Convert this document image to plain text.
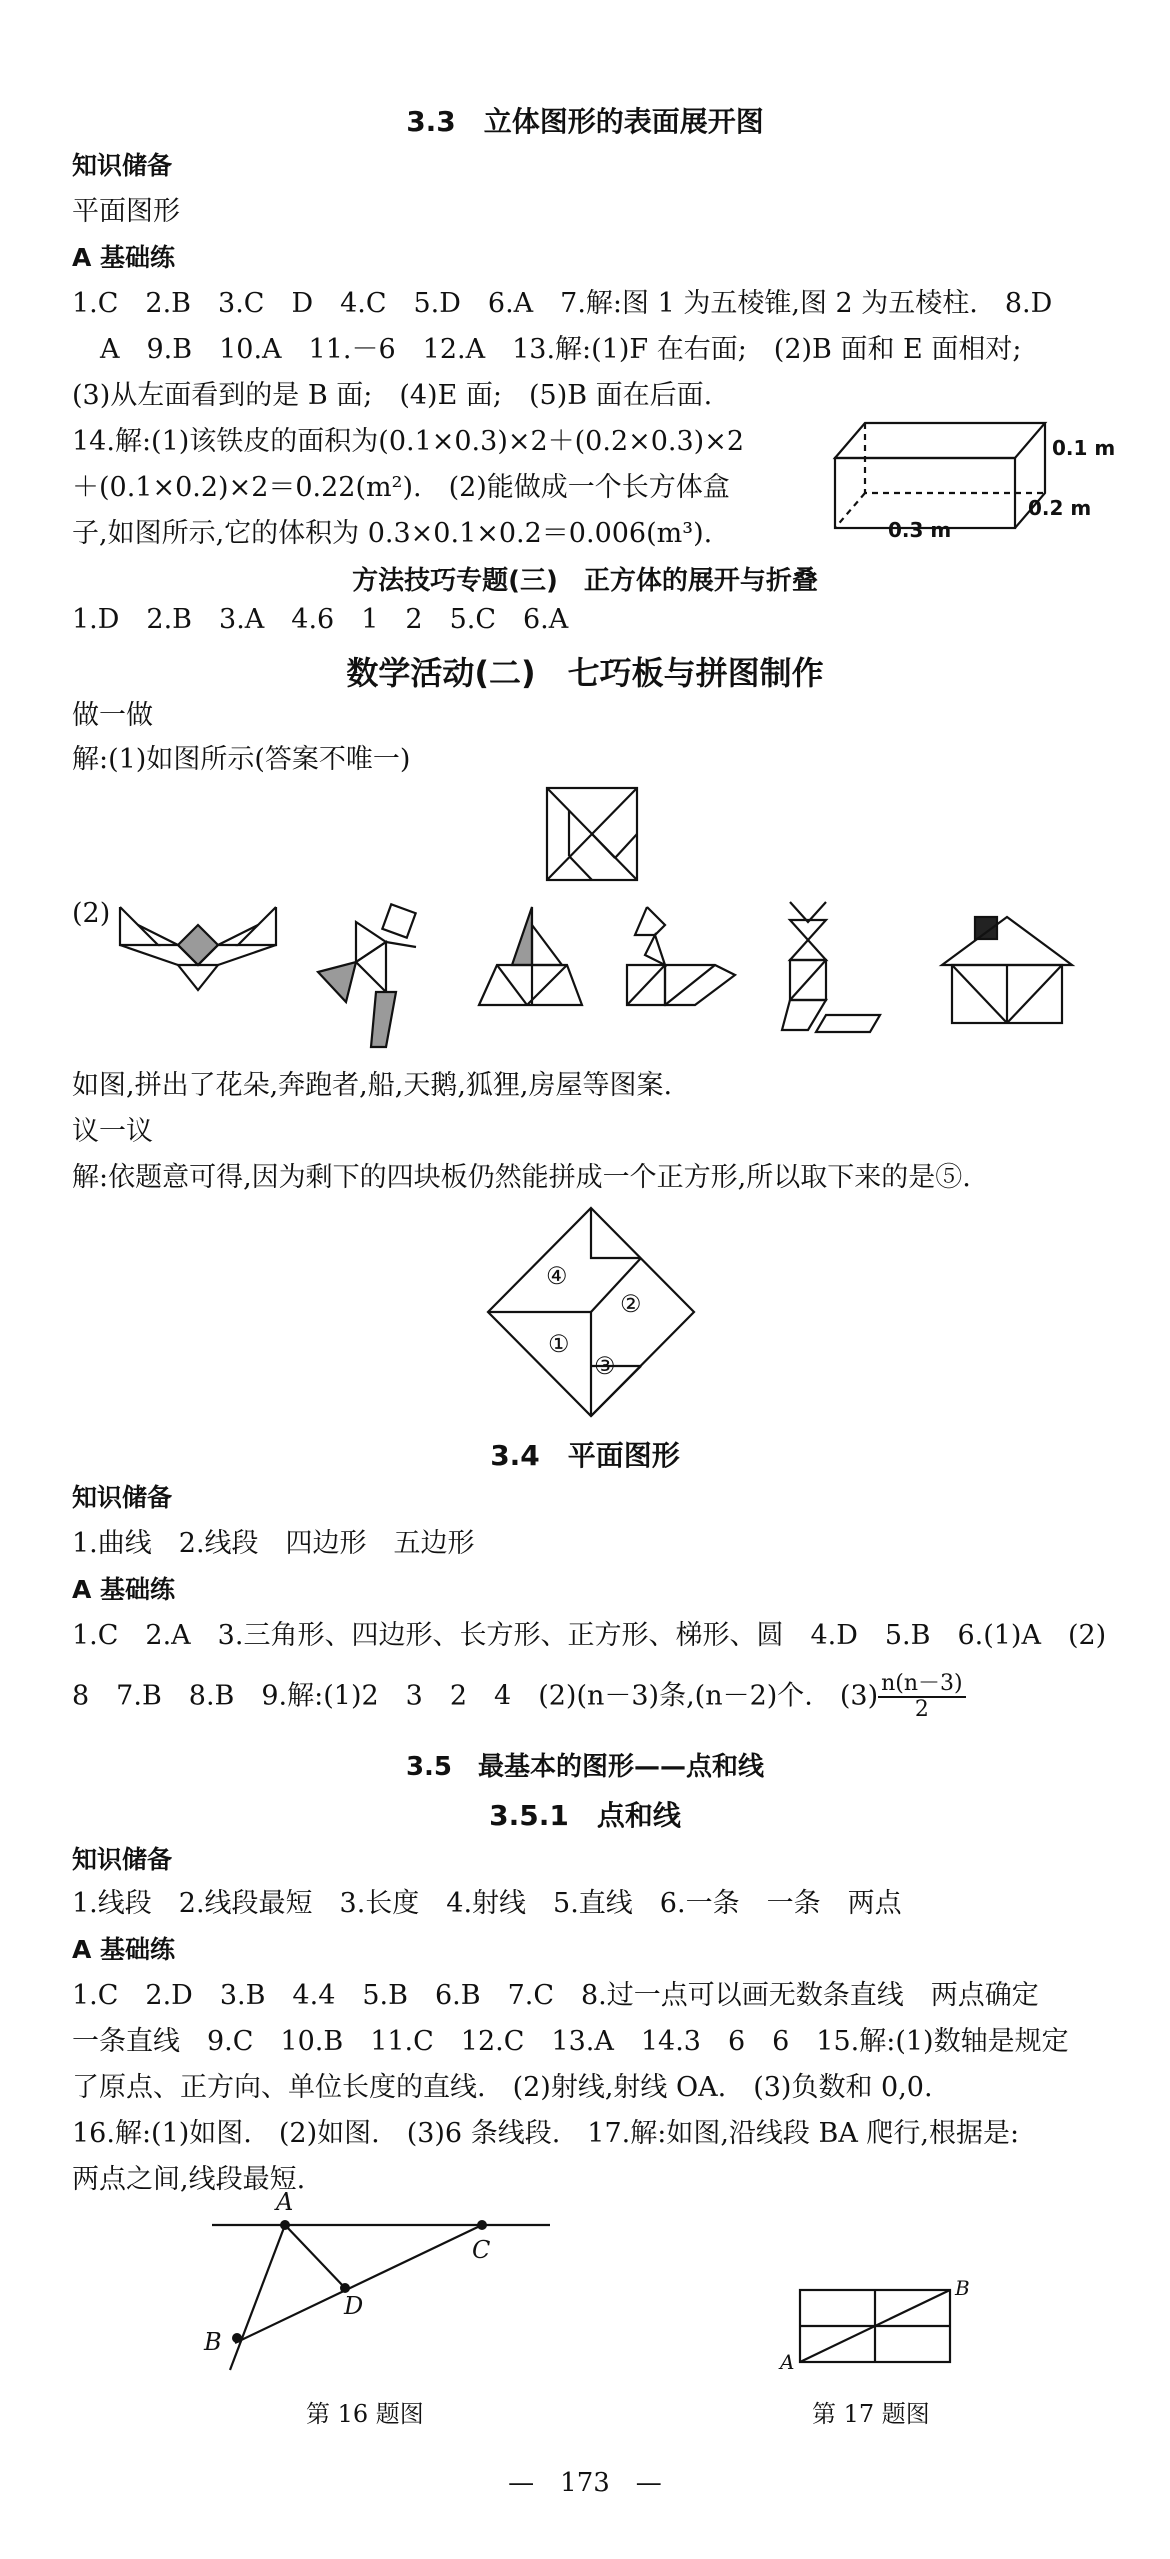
3.3　立体图形的表面展开图
知识储备
平面图形
A 基础练
1.C　2.B　3.C　D　4.C　5.D　6.A　7.解:图 1 为五棱锥,图 2 为五棱柱.　8.D
A　9.B　10.A　11.－6　12.A　13.解:(1)F 在右面;　(2)B 面和 E 面相对;
(3)从左面看到的是 B 面;　(4)E 面;　(5)B 面在后面.
14.解:(1)该铁皮的面积为(0.1×0.3)×2＋(0.2×0.3)×2
＋(0.1×0.2)×2＝0.22(m²).　(2)能做成一个长方体盒
子,如图所示,它的体积为 0.3×0.1×0.2＝0.006(m³).
0.1 m
0.2 m
0.3 m
方法技巧专题(三)　正方体的展开与折叠
1.D　2.B　3.A　4.6　1　2　5.C　6.A
数学活动(二)　七巧板与拼图制作
做一做
解:(1)如图所示(答案不唯一)
(2)
如图,拼出了花朵,奔跑者,船,天鹅,狐狸,房屋等图案.
议一议
解:依题意可得,因为剩下的四块板仍然能拼成一个正方形,所以取下来的是⑤.
④
②
①
③
3.4　平面图形
知识储备
1.曲线　2.线段　四边形　五边形
A 基础练
1.C　2.A　3.三角形、四边形、长方形、正方形、梯形、圆　4.D　5.B　6.(1)A　(2)
8　7.B　8.B　9.解:(1)2　3　2　4　(2)(n－3)条,(n－2)个.　$(3) \frac{n(n-3)}{2}$
3.5　最基本的图形——点和线
3.5.1　点和线
知识储备
1.线段　2.线段最短　3.长度　4.射线　5.直线　6.一条　一条　两点
A 基础练
1.C　2.D　3.B　4.4　5.B　6.B　7.C　8.过一点可以画无数条直线　两点确定
一条直线　9.C　10.B　11.C　12.C　13.A　14.3　6　6　15.解:(1)数轴是规定
了原点、正方向、单位长度的直线.　(2)射线,射线 OA.　(3)负数和 0,0.
16.解:(1)如图.　(2)如图.　(3)6 条线段.　17.解:如图,沿线段 BA 爬行,根据是:
两点之间,线段最短.
A
C
D
B
第 16 题图
B
A
第 17 题图
—　173　—
